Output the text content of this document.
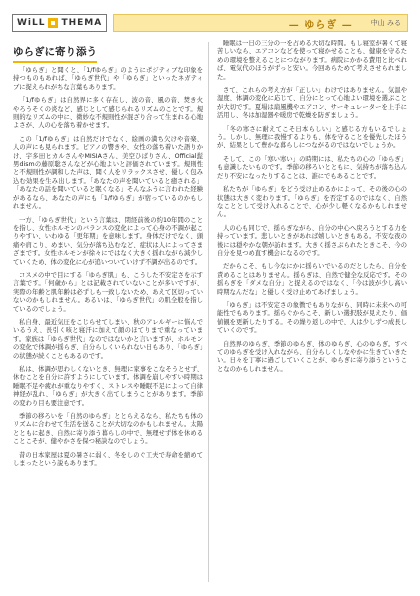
WiLL THEMA	— ゆらぎ —	中山 みる
ゆらぎに寄り添う

「ゆらぎ」と聞くと、「1/fゆらぎ」のようにポジティブな印象を持つものもあれば、「ゆらぎ世代」や「ゆらぎ」といったネガティブに捉えられがちな言葉もあります。

「1/fゆらぎ」は自然界に多く存在し、波の音、風の音、焚き火やろうそくの炎など、感じとして感じられるリズムのことです。規則的なリズムの中に、微妙な不規則性が混ざり合って生まれる心地よさが、人の心を落ち着かせます。

この「1/fゆらぎ」は自然だけでなく、絵画の満ち欠けや音楽、人の声にも見られます。ピアノの響きや、女性の落ち着いた語りかけ、宇多田ヒカルさんやMISIAさん、美空ひばりさん、Official髭男dismの藤原聡さんなどが心地よいと評価されています。規則性と不規則性が調和した声は、聞く人をリラックスさせ、優しく包み込む効果を生み出します。「あなたの声を聞いていると癒される」「あなたの話を聞いていると眠くなる」そんなふうに言われた経験があるなら、あなたの声にも「1/fゆらぎ」が宿っているのかもしれません。

一方、「ゆらぎ世代」という言葉は、閉経前後の約10年間のことを指し、女性ホルモンのバランスの変化によって心身の不調が起こりやすい、いわゆる「更年期」を意味します。身体だけでなく、頭痛や肩こり、めまい、気分が落ち込むなど、症状は人によってさまざまです。女性ホルモンが徐々にではなく大きく揺れながら減少していくため、体の変化に心が追いついていけず不調が出るのです。

コスメの中で目にする「ゆらぎ肌」も、こうした不安定さを示す言葉です。「何歳から」とは記載されていないことが多いですが、実際の年齢と肌年齢は必ずしも一致しないため、あえて区切っていないのかもしれません。あるいは、「ゆらぎ世代」の肌全般を指しているのでしょう。

私自身、最近気圧をこじらせてしまい、秋のアレルギーに悩んでいるうえ、長引く咳と寝汗に加えて顔のほてりまで重なっています。家族は「ゆらぎ世代」なのではないかと言いますが、ホルモンの変化で体調が揺らぎ、自分らしくいられない日もあり、「ゆらぎ」の状態が続くこともあるのです。

私は、体調が思わしくないとき、無理に家事をこなそうとせず、休むことを自分に許すようにしています。体調を崩しやすい時期は睡眠不足や疲れが重なりやすく、ストレスや睡眠不足によって自律神経が乱れ、「ゆらぎ」が大きく出てしまうことがあります。季節の変わり目も要注意です。

季節の移ろいを「自然のゆらぎ」ととらえるなら、私たちも体のリズムに合わせて生活を送ることが大切なのかもしれません。太陽とともに起き、自然に寄り添う暮らしの中で、無理せず体を休めることこそが、健やかさを保つ秘訣なのでしょう。

昔の日本家屋は夏の暑さに弱く、冬をしのぐ工夫で寿命を縮めてしまったという説もあります。

睡眠は一日の三分の一を占める大切な時間。もし寝室が暑くて寝苦しいなら、エアコンなどを使って寝かせることも、健康を守るための環境を整えることにつながります。病院にかかる費用と比べれば、電気代のほうがずっと安い。今回あらためて考えさせられました。

さて、これらの考え方が「正しい」わけではありません。気温や湿度、体調の変化に応じて、自分にとって心地よい環境を選ぶことが大切です。夏場は扇風機やエアコン、サーキュレーターを上手に活用し、冬は加湿器や暖房で乾燥を防ぎましょう。

「冬の寒さに耐えてこそ日本らしい」と感じる方もいるでしょう。しかし、無理に我慢するよりも、体を守ることを優先したほうが、結果として豊かな暮らしにつながるのではないでしょうか。

そして、この「寒い寒い」の時期には、私たちの心の「ゆらぎ」も意識したいものです。季節の移ろいとともに、気持ちが落ち込んだり不安になったりすることは、誰にでもあることです。

私たちが「ゆらぎ」をどう受け止めるかによって、その後の心の状態は大きく変わります。「ゆらぎ」を否定するのではなく、自然なこととして受け入れることで、心が少し軽くなるかもしれません。

人の心も同じで、揺らぎながら、自分の中心へ戻ろうとする力を持っています。悲しいときがあれば嬉しいときもある。不安な夜の後には穏やかな朝が訪れます。大きく揺さぶられたときこそ、今の自分を見つめ直す機会になるのです。

だからこそ、もし今なにかに揺らいでいるのだとしたら、自分を責めることはありません。揺らぎは、自然で健全な反応です。その揺らぎを「ダメな自分」と捉えるのではなく、「今は波が少し高い時期なんだな」と優しく受け止めてあげましょう。

「ゆらぎ」は不安定さの象徴でもありながら、同時に未来への可能性でもあります。揺らぐからこそ、新しい選択肢が見えたり、価値観を更新したりする。その繰り返しの中で、人は少しずつ成長していくのです。

自然界のゆらぎ、季節のゆらぎ、体のゆらぎ、心のゆらぎ。すべてのゆらぎを受け入れながら、自分らしくしなやかに生きていきたい。日々を丁寧に過ごしていくことが、ゆらぎに寄り添うということなのかもしれません。
